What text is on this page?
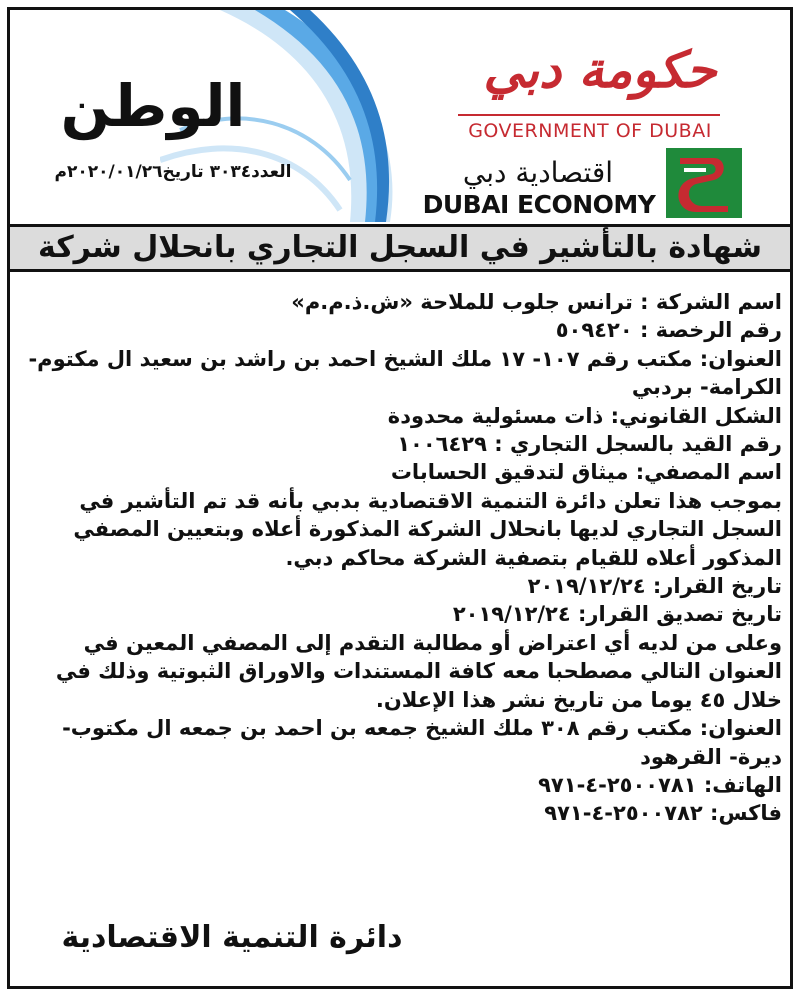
الوطن
العدد٣٠٣٤ تاريخ٢٠٢٠/٠١/٢٦م
حكومة دبي
GOVERNMENT OF DUBAI
اقتصادية دبي
DUBAI ECONOMY
شهادة بالتأشير في السجل التجاري بانحلال شركة

اسم الشركة : ترانس جلوب للملاحة «ش.ذ.م.م»

رقم الرخصة : ٥٠٩٤٢٠

العنوان: مكتب رقم ١٠٧- ١٧ ملك الشيخ احمد بن راشد بن سعيد ال مكتوم- الكرامة- بردبي

الشكل القانوني: ذات مسئولية محدودة

رقم القيد بالسجل التجاري : ١٠٠٦٤٢٩

اسم المصفي: ميثاق لتدقيق الحسابات

بموجب هذا تعلن دائرة التنمية الاقتصادية بدبي بأنه قد تم التأشير في السجل التجاري لديها بانحلال الشركة المذكورة أعلاه وبتعيين المصفي المذكور أعلاه للقيام بتصفية الشركة محاكم دبي.

تاريخ القرار: ٢٠١٩/١٢/٢٤

تاريخ تصديق القرار: ٢٠١٩/١٢/٢٤

وعلى من لديه أي اعتراض أو مطالبة التقدم إلى المصفي المعين في العنوان التالي مصطحبا معه كافة المستندات والاوراق الثبوتية وذلك في خلال ٤٥ يوما من تاريخ نشر هذا الإعلان.

العنوان: مكتب رقم ٣٠٨ ملك الشيخ جمعه بن احمد بن جمعه ال مكتوب- ديرة- القرهود

الهاتف: ٢٥٠٠٧٨١-٤-٩٧١

فاكس: ٢٥٠٠٧٨٢-٤-٩٧١

دائرة التنمية الاقتصادية
